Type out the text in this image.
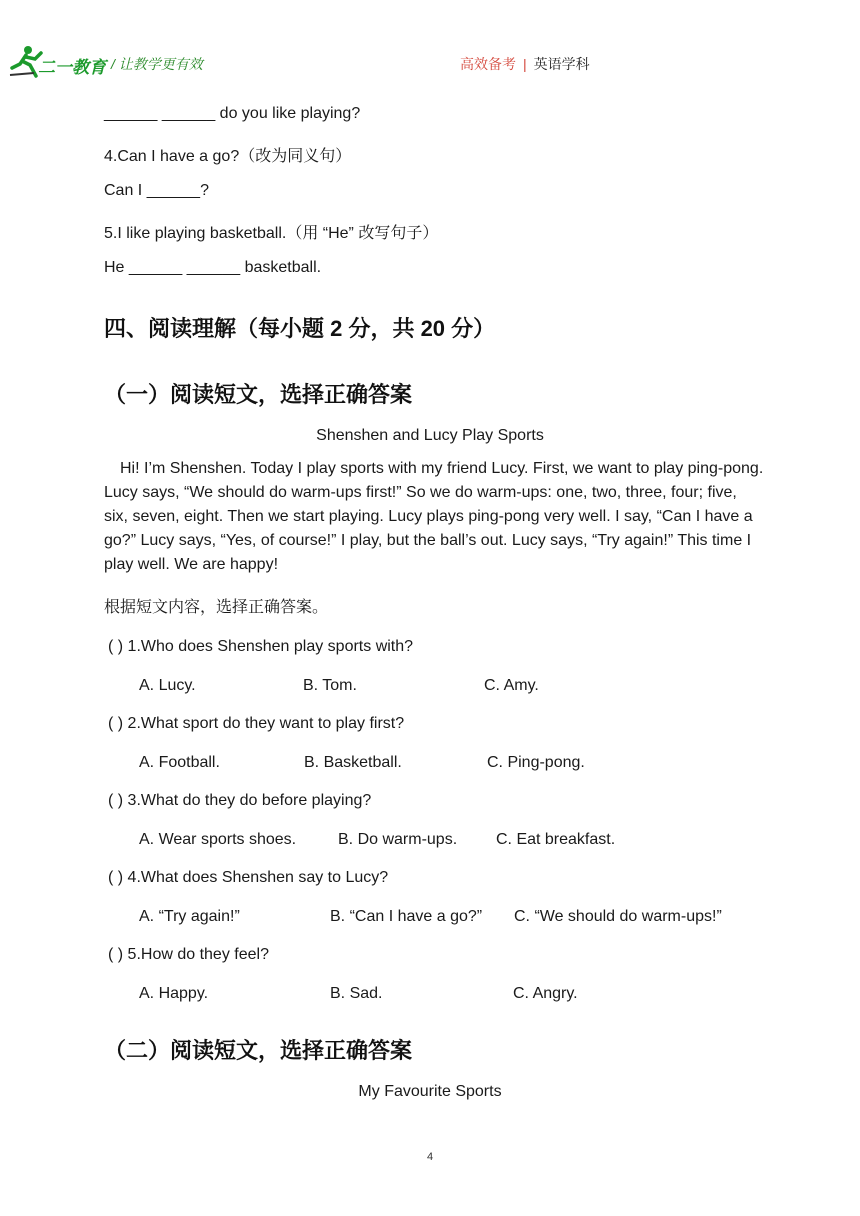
二一教育 / 让教学更有效	高效备考 | 英语学科
______ ______ do you like playing?
4.Can I have a go?（改为同义句）
Can I ______?
5.I like playing basketball.（用 “He” 改写句子）
He ______ ______ basketball.
四、阅读理解（每小题 2 分，共 20 分）
（一）阅读短文，选择正确答案
Shenshen and Lucy Play Sports
Hi! I’m Shenshen. Today I play sports with my friend Lucy. First, we want to play ping-pong. Lucy says, “We should do warm-ups first!” So we do warm-ups: one, two, three, four; five, six, seven, eight. Then we start playing. Lucy plays ping-pong very well. I say, “Can I have a go?” Lucy says, “Yes, of course!” I play, but the ball’s out. Lucy says, “Try again!” This time I play well. We are happy!
根据短文内容，选择正确答案。
( ) 1.Who does Shenshen play sports with?
A. Lucy.	B. Tom.	C. Amy.
( ) 2.What sport do they want to play first?
A. Football.	B. Basketball.	C. Ping-pong.
( ) 3.What do they do before playing?
A. Wear sports shoes.	B. Do warm-ups. C. Eat breakfast.
( ) 4.What does Shenshen say to Lucy?
A. “Try again!”	B. “Can I have a go?” C. “We should do warm-ups!”
( ) 5.How do they feel?
A. Happy.	B. Sad.	C. Angry.
（二）阅读短文，选择正确答案
My Favourite Sports
4
